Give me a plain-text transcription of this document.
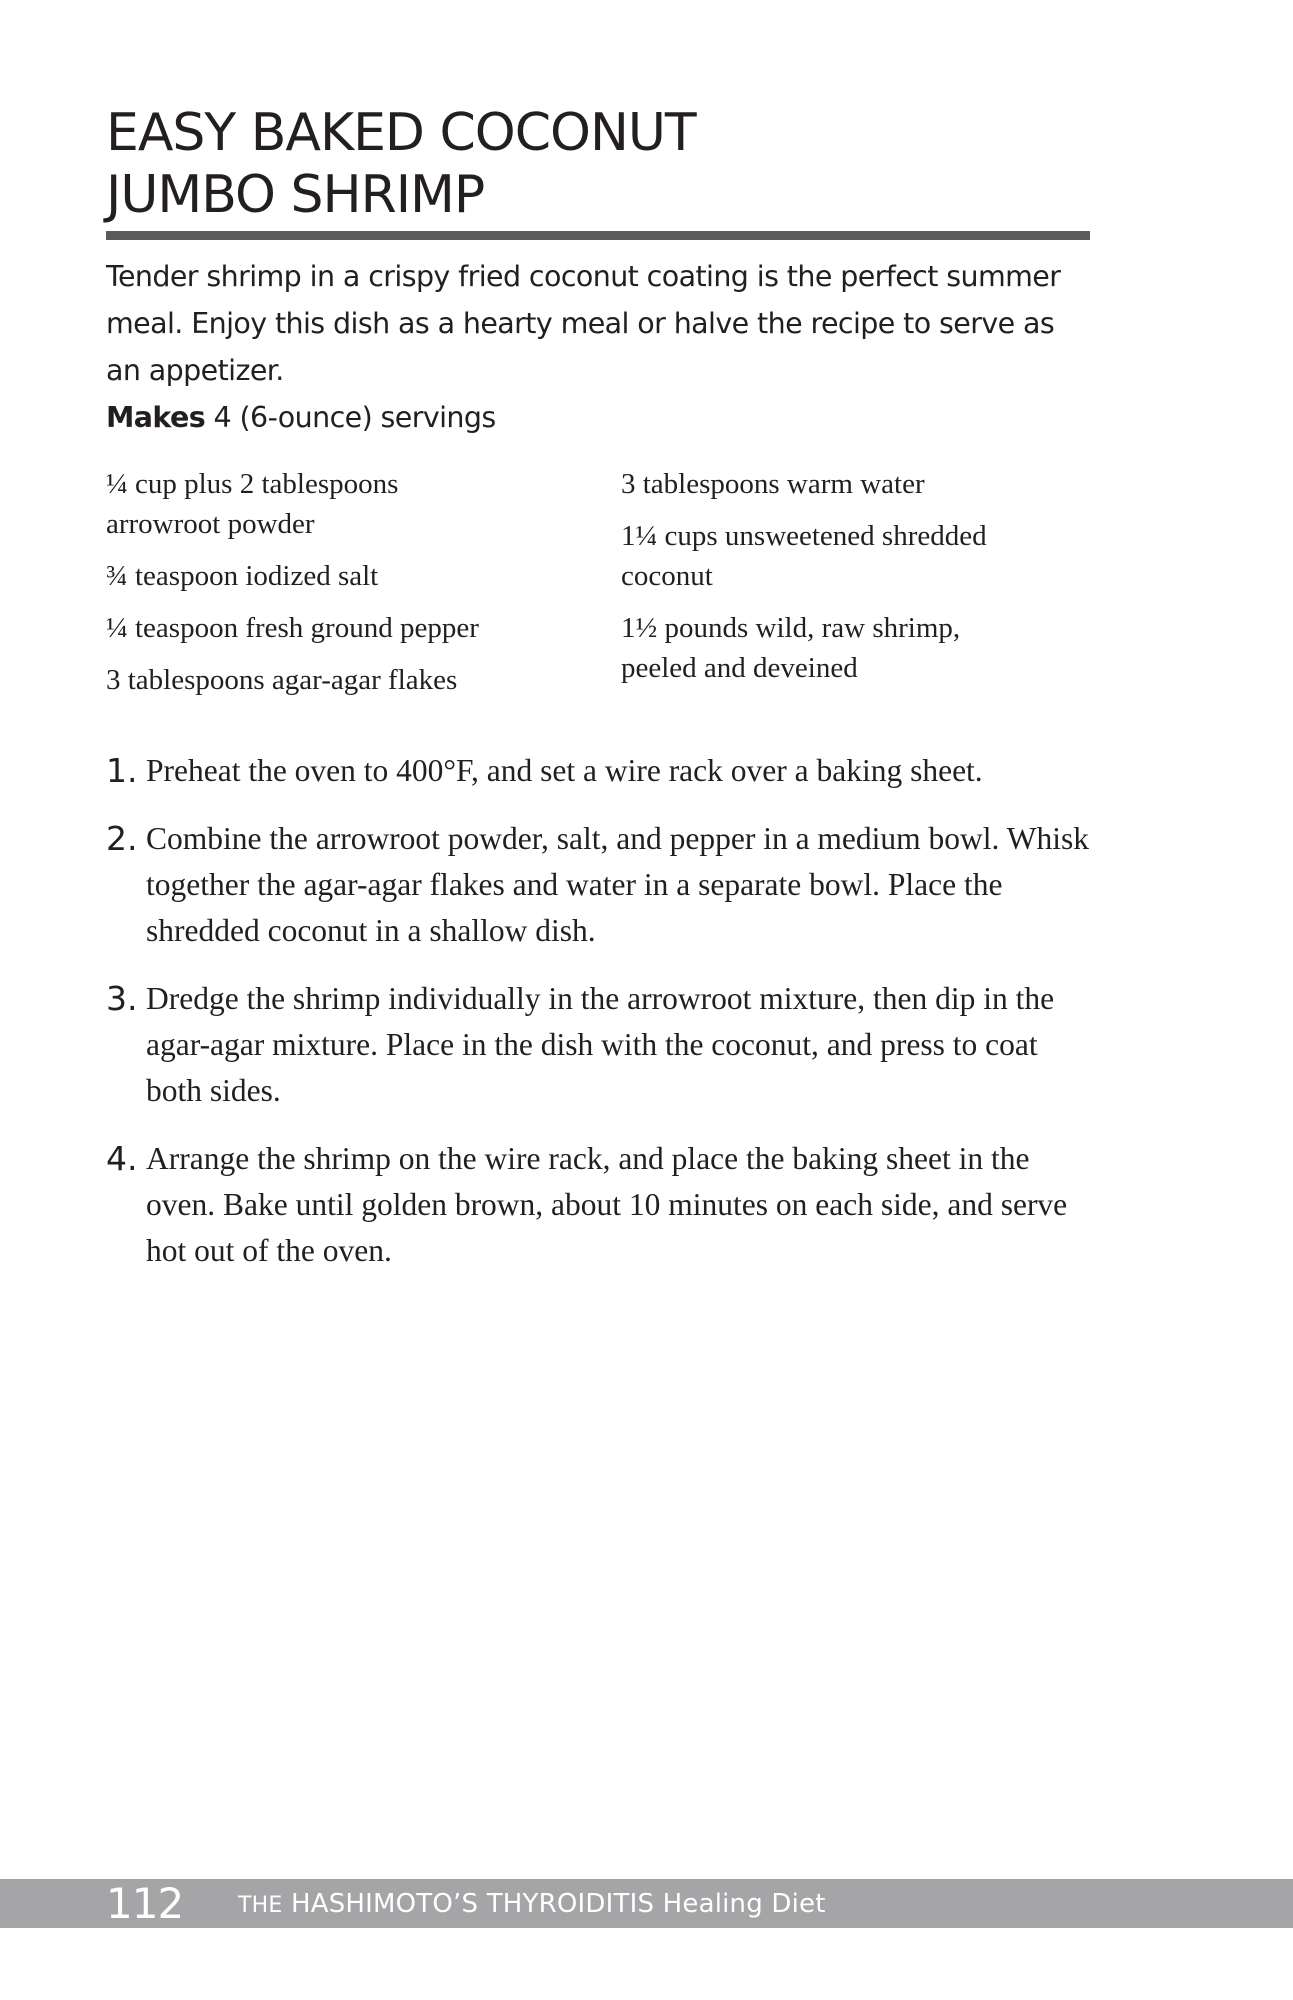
EASY BAKED COCONUT
JUMBO SHRIMP
Tender shrimp in a crispy fried coconut coating is the perfect summer meal. Enjoy this dish as a hearty meal or halve the recipe to serve as an appetizer.
Makes 4 (6-ounce) servings

¼ cup plus 2 tablespoons arrowroot powder

¾ teaspoon iodized salt

¼ teaspoon fresh ground pepper

3 tablespoons agar-agar flakes

3 tablespoons warm water

1¼ cups unsweetened shredded coconut

1½ pounds wild, raw shrimp, peeled and deveined

1. Preheat the oven to 400°F, and set a wire rack over a baking sheet.
2. Combine the arrowroot powder, salt, and pepper in a medium bowl. Whisk together the agar-agar flakes and water in a separate bowl. Place the shredded coconut in a shallow dish.
3. Dredge the shrimp individually in the arrowroot mixture, then dip in the agar-agar mixture. Place in the dish with the coconut, and press to coat both sides.
4. Arrange the shrimp on the wire rack, and place the baking sheet in the oven. Bake until golden brown, about 10 minutes on each side, and serve hot out of the oven.
112 THE HASHIMOTO’S THYROIDITIS Healing Diet
